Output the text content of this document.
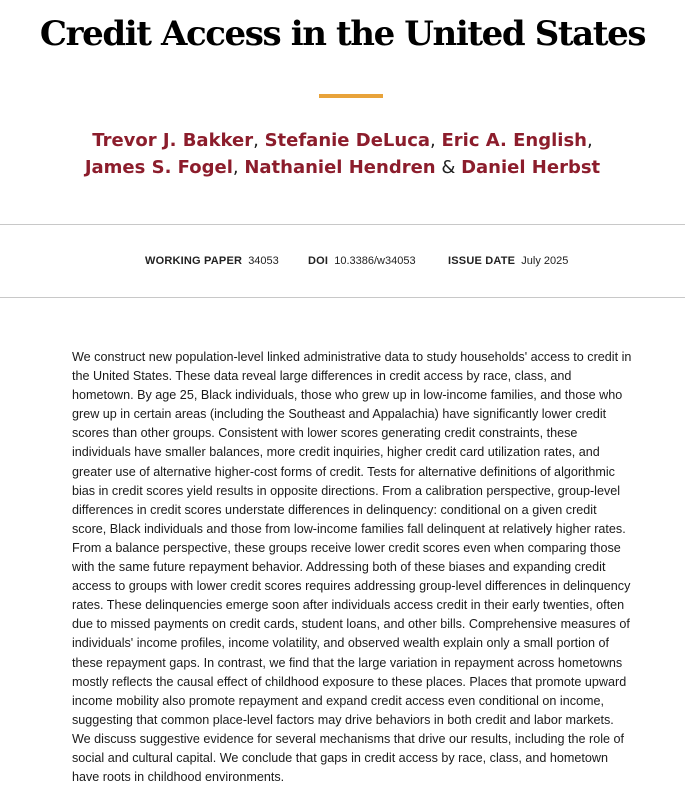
Credit Access in the United States
Trevor J. Bakker, Stefanie DeLuca, Eric A. English,
James S. Fogel, Nathaniel Hendren & Daniel Herbst
WORKING PAPER 34053	DOI 10.3386/w34053	ISSUE DATE July 2025

We construct new population-level linked administrative data to study households' access to credit in the United States. These data reveal large differences in credit access by race, class, and hometown. By age 25, Black individuals, those who grew up in low-income families, and those who grew up in certain areas (including the Southeast and Appalachia) have significantly lower credit scores than other groups. Consistent with lower scores generating credit constraints, these individuals have smaller balances, more credit inquiries, higher credit card utilization rates, and greater use of alternative higher-cost forms of credit. Tests for alternative definitions of algorithmic bias in credit scores yield results in opposite directions. From a calibration perspective, group-level differences in credit scores understate differences in delinquency: conditional on a given credit score, Black individuals and those from low-income families fall delinquent at relatively higher rates. From a balance perspective, these groups receive lower credit scores even when comparing those with the same future repayment behavior. Addressing both of these biases and expanding credit access to groups with lower credit scores requires addressing group-level differences in delinquency rates. These delinquencies emerge soon after individuals access credit in their early twenties, often due to missed payments on credit cards, student loans, and other bills. Comprehensive measures of individuals' income profiles, income volatility, and observed wealth explain only a small portion of these repayment gaps. In contrast, we find that the large variation in repayment across hometowns mostly reflects the causal effect of childhood exposure to these places. Places that promote upward income mobility also promote repayment and expand credit access even conditional on income, suggesting that common place-level factors may drive behaviors in both credit and labor markets. We discuss suggestive evidence for several mechanisms that drive our results, including the role of social and cultural capital. We conclude that gaps in credit access by race, class, and hometown have roots in childhood environments.
